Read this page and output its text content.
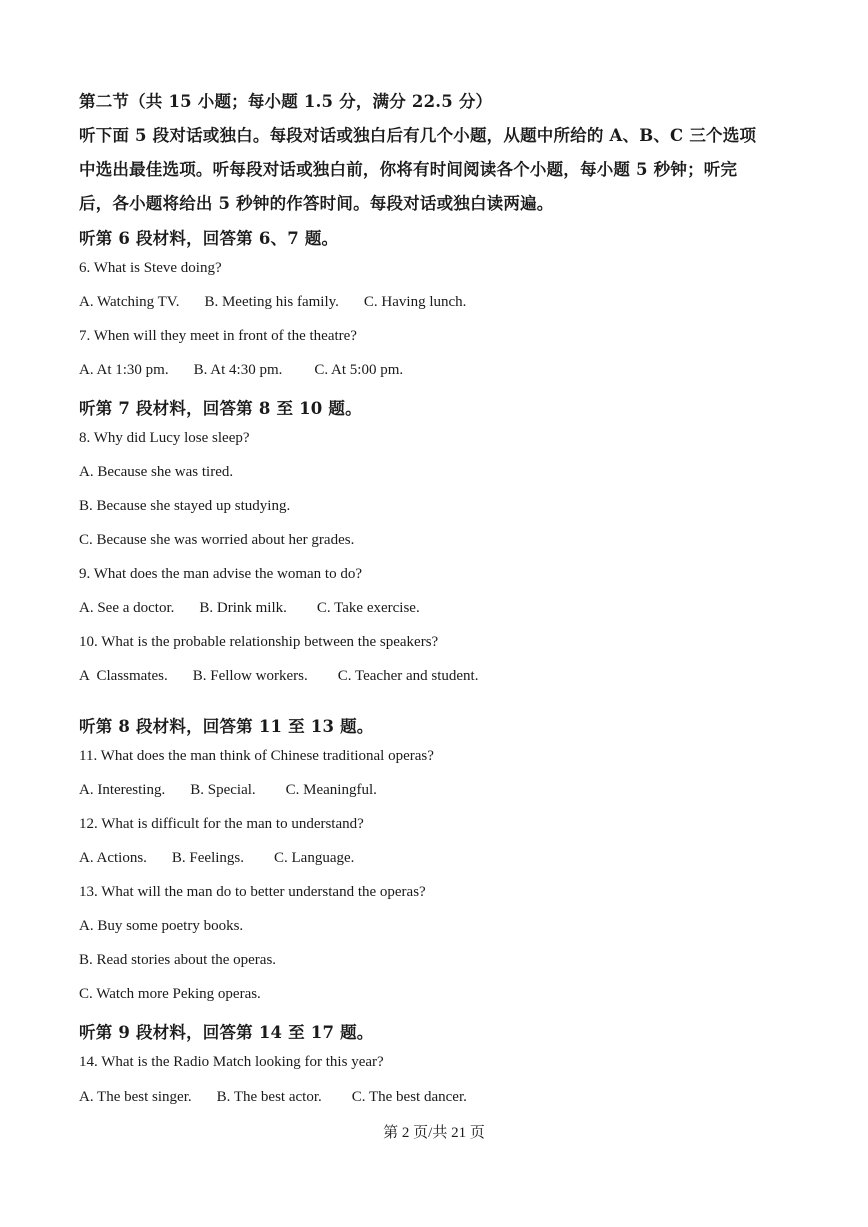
第二节（共 15 小题；每小题 1.5 分，满分 22.5 分）
听下面 5 段对话或独白。每段对话或独白后有几个小题，从题中所给的 A、B、C 三个选项
中选出最佳选项。听每段对话或独白前，你将有时间阅读各个小题，每小题 5 秒钟；听完
后，各小题将给出 5 秒钟的作答时间。每段对话或独白读两遍。
听第 6 段材料，回答第 6、7 题。
6. What is Steve doing?
A. Watching TV. B. Meeting his family. C. Having lunch.
7. When will they meet in front of the theatre?
A. At 1:30 pm. B. At 4:30 pm. C. At 5:00 pm.
听第 7 段材料，回答第 8 至 10 题。
8. Why did Lucy lose sleep?
A. Because she was tired.
B. Because she stayed up studying.
C. Because she was worried about her grades.
9. What does the man advise the woman to do?
A. See a doctor. B. Drink milk. C. Take exercise.
10. What is the probable relationship between the speakers?
A  Classmates. B. Fellow workers. C. Teacher and student.
听第 8 段材料，回答第 11 至 13 题。
11. What does the man think of Chinese traditional operas?
A. Interesting. B. Special. C. Meaningful.
12. What is difficult for the man to understand?
A. Actions. B. Feelings. C. Language.
13. What will the man do to better understand the operas?
A. Buy some poetry books.
B. Read stories about the operas.
C. Watch more Peking operas.
听第 9 段材料，回答第 14 至 17 题。
14. What is the Radio Match looking for this year?
A. The best singer. B. The best actor. C. The best dancer.
第 2 页/共 21 页
